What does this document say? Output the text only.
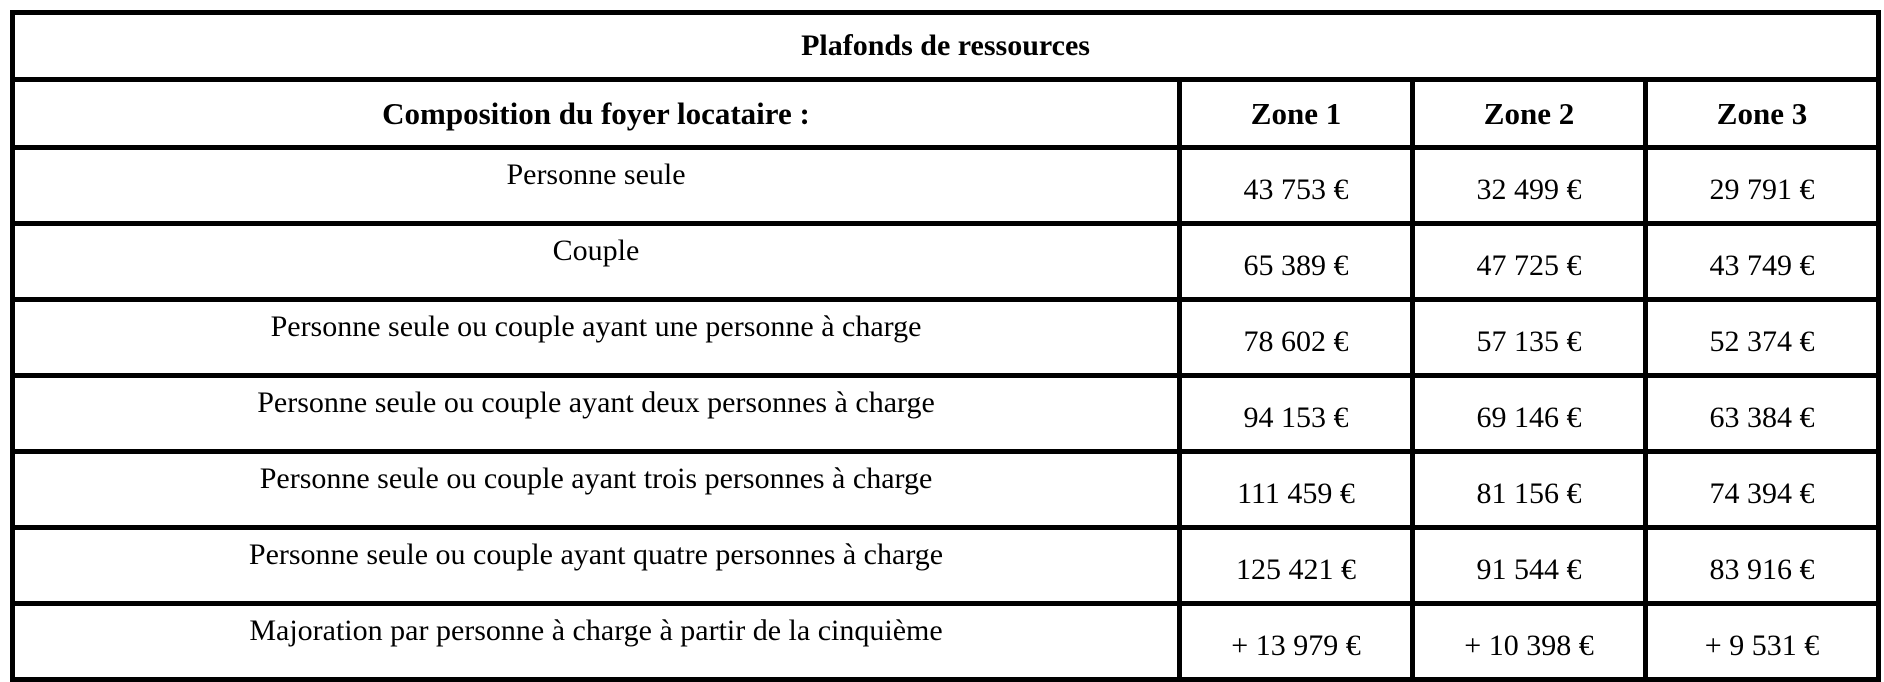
Plafonds de ressources			
Composition du foyer locataire :	Zone 1	Zone 2	Zone 3
Personne seule	43 753 €	32 499 €	29 791 €
Couple	65 389 €	47 725 €	43 749 €
Personne seule ou couple ayant une personne à charge	78 602 €	57 135 €	52 374 €
Personne seule ou couple ayant deux personnes à charge	94 153 €	69 146 €	63 384 €
Personne seule ou couple ayant trois personnes à charge	111 459 €	81 156 €	74 394 €
Personne seule ou couple ayant quatre personnes à charge	125 421 €	91 544 €	83 916 €
Majoration par personne à charge à partir de la cinquième	+ 13 979 €	+ 10 398 €	+ 9 531 €
